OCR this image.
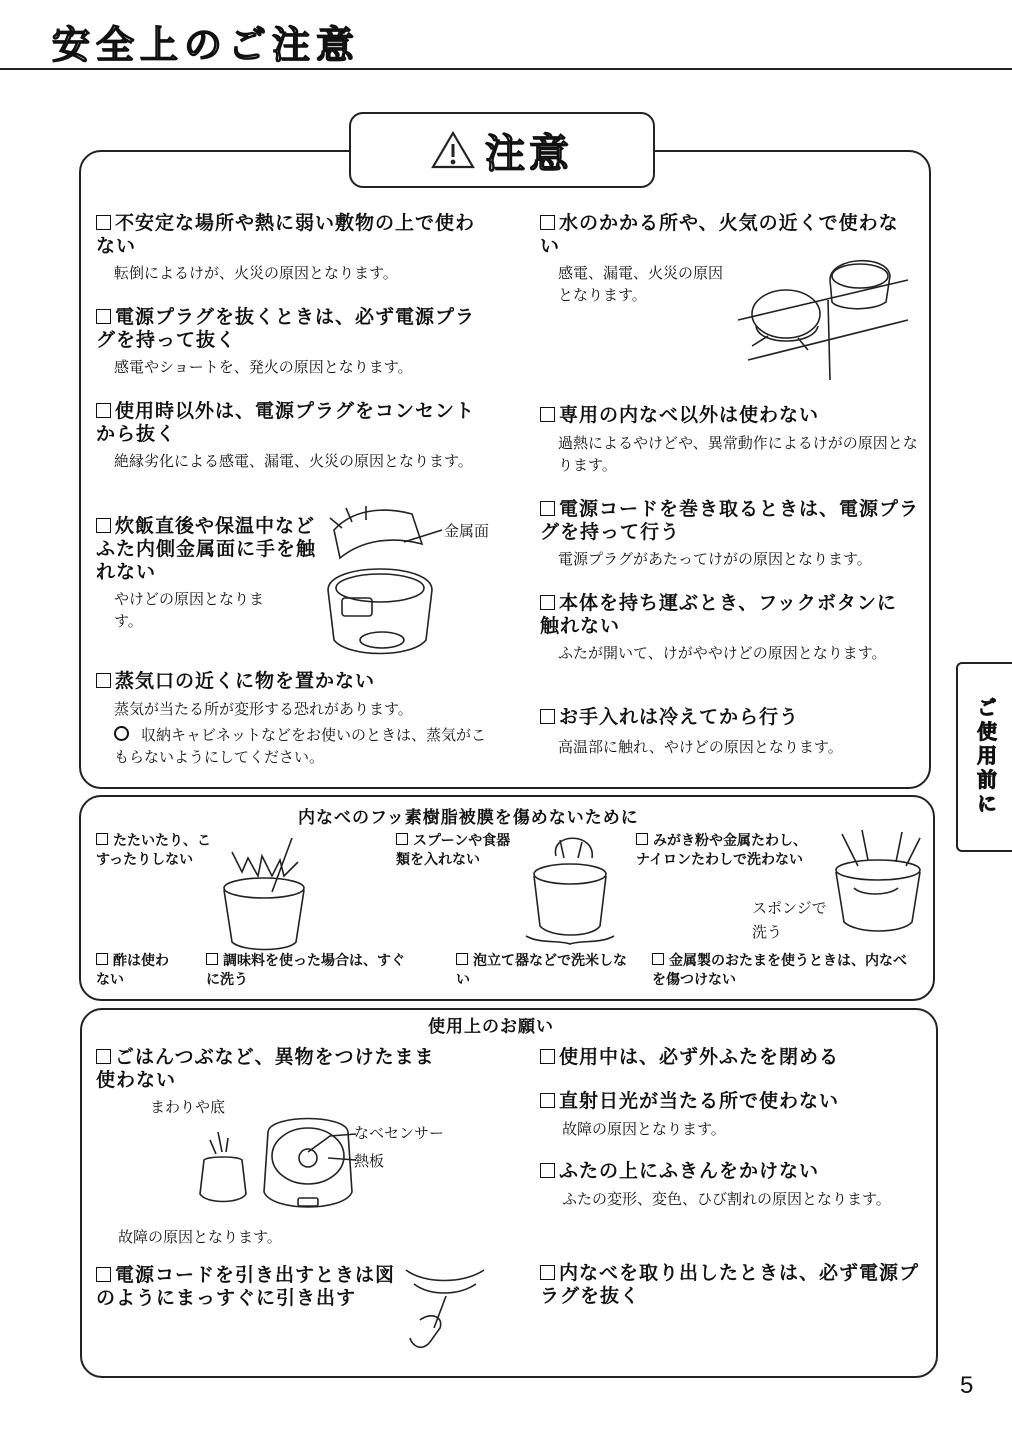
安全上のご注意
注意
不安定な場所や熱に弱い敷物の上で使わない
転倒によるけが、火災の原因となります。
電源プラグを抜くときは、必ず電源プラグを持って抜く
感電やショートを、発火の原因となります。
使用時以外は、電源プラグをコンセントから抜く
絶縁劣化による感電、漏電、火災の原因となります。
炊飯直後や保温中などふた内側金属面に手を触れない
やけどの原因となります。
金属面
蒸気口の近くに物を置かない
蒸気が当たる所が変形する恐れがあります。
収納キャビネットなどをお使いのときは、蒸気がこもらないようにしてください。
水のかかる所や、火気の近くで使わない
感電、漏電、火災の原因となります。
専用の内なべ以外は使わない
過熱によるやけどや、異常動作によるけがの原因となります。
電源コードを巻き取るときは、電源プラグを持って行う
電源プラグがあたってけがの原因となります。
本体を持ち運ぶとき、フックボタンに触れない
ふたが開いて、けがややけどの原因となります。
お手入れは冷えてから行う
高温部に触れ、やけどの原因となります。	ご使用前に
内なべのフッ素樹脂被膜を傷めないために
たたいたり、こすったりしない
スプーンや食器類を入れない
みがき粉や金属たわし、ナイロンたわしで洗わない
スポンジで洗う
酢は使わない
調味料を使った場合は、すぐに洗う
泡立て器などで洗米しない
金属製のおたまを使うときは、内なべを傷つけない
使用上のお願い
ごはんつぶなど、異物をつけたまま使わない
まわりや底
なべセンサー
熱板
故障の原因となります。
電源コードを引き出すときは図のようにまっすぐに引き出す
使用中は、必ず外ふたを閉める
直射日光が当たる所で使わない
故障の原因となります。
ふたの上にふきんをかけない
ふたの変形、変色、ひび割れの原因となります。
内なべを取り出したときは、必ず電源プラグを抜く
5
